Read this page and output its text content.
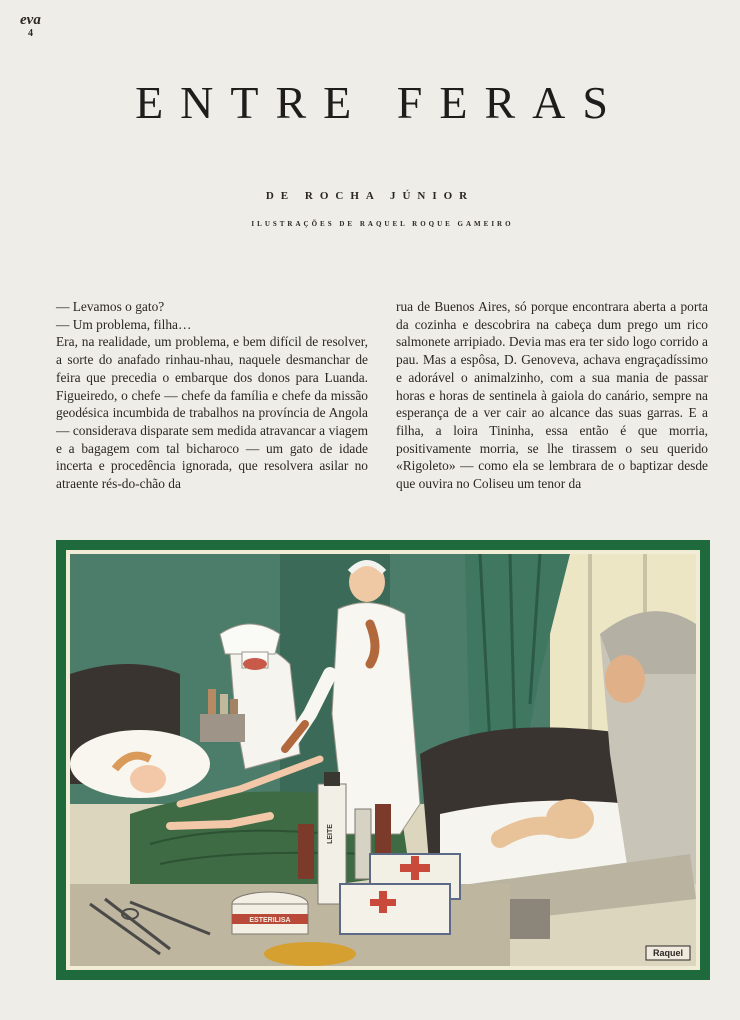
eva
4
ENTRE FERAS
DE ROCHA JÚNIOR
ILUSTRAÇÕES DE RAQUEL ROQUE GAMEIRO

— Levamos o gato?

— Um problema, filha…

Era, na realidade, um problema, e bem difícil de resolver, a sorte do anafado rinhau-nhau, naquele desmanchar de feira que precedia o embarque dos donos para Luanda. Figueiredo, o chefe — chefe da família e chefe da missão geodésica incumbida de trabalhos na província de Angola — considerava disparate sem medida atravancar a viagem e a bagagem com tal bicharoco — um gato de idade incerta e procedência ignorada, que resolvera asilar no atraente rés-do-chão da

rua de Buenos Aires, só porque encontrara aberta a porta da cozinha e descobrira na cabeça dum prego um rico salmonete arripiado. Devia mas era ter sido logo corrido a pau. Mas a espôsa, D. Genoveva, achava engraçadíssimo e adorável o animalzinho, com a sua mania de passar horas e horas de sentinela à gaiola do canário, sempre na esperança de a ver cair ao alcance das suas garras. E a filha, a loira Tininha, essa então é que morria, positivamente morria, se lhe tirassem o seu querido «Rigoleto» — como ela se lembrara de o baptizar desde que ouvira no Coliseu um tenor da

LEITE
ESTERILISA
Raquel
